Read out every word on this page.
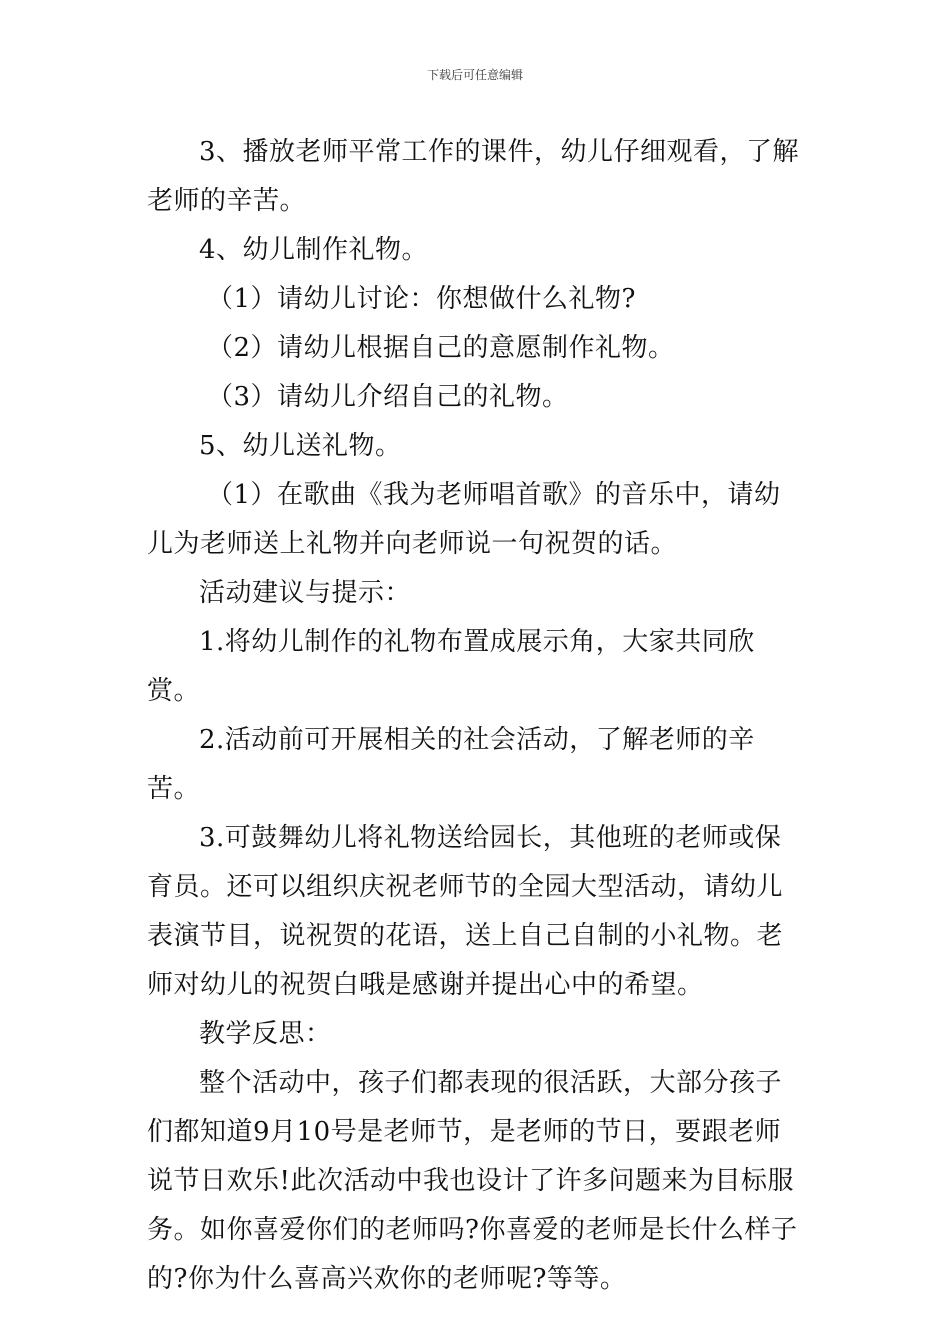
下载后可任意编辑

3、播放老师平常工作的课件，幼儿仔细观看，了解老师的辛苦。

4、幼儿制作礼物。

（1）请幼儿讨论：你想做什么礼物?

（2）请幼儿根据自己的意愿制作礼物。

（3）请幼儿介绍自己的礼物。

5、幼儿送礼物。

（1）在歌曲《我为老师唱首歌》的音乐中，请幼儿为老师送上礼物并向老师说一句祝贺的话。

活动建议与提示：

1.将幼儿制作的礼物布置成展示角，大家共同欣赏。

2.活动前可开展相关的社会活动，了解老师的辛苦。

3.可鼓舞幼儿将礼物送给园长，其他班的老师或保育员。还可以组织庆祝老师节的全园大型活动，请幼儿表演节目，说祝贺的花语，送上自己自制的小礼物。老师对幼儿的祝贺白哦是感谢并提出心中的希望。

教学反思：

整个活动中，孩子们都表现的很活跃，大部分孩子们都知道9月10号是老师节，是老师的节日，要跟老师说节日欢乐!此次活动中我也设计了许多问题来为目标服务。如你喜爱你们的老师吗?你喜爱的老师是长什么样子的?你为什么喜高兴欢你的老师呢?等等。
